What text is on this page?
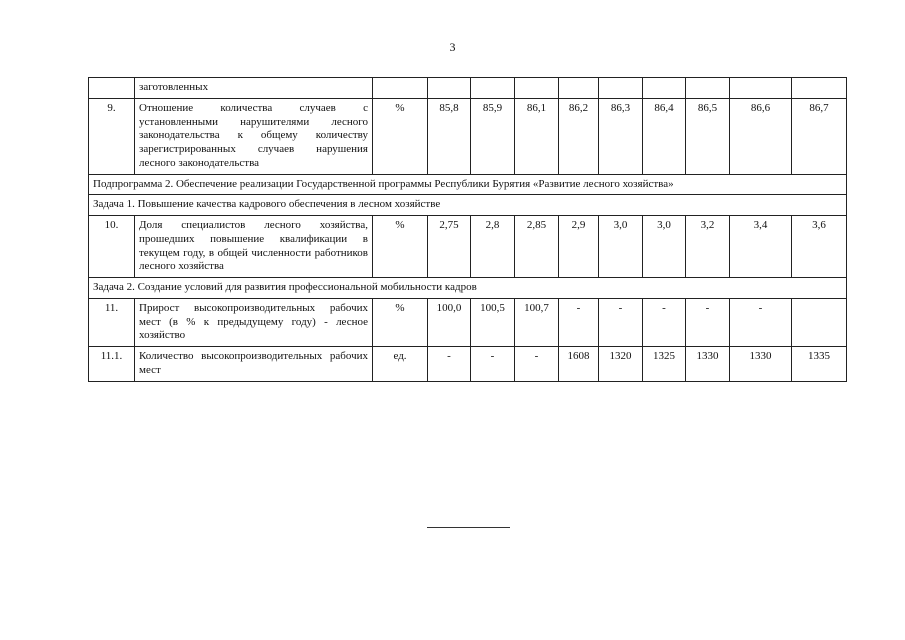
3
	заготовленных										
9.	Отношение количества случаев с установленными нарушителями лесного законодательства к общему количеству зарегистрированных случаев нарушения лесного законодательства	%	85,8	85,9	86,1	86,2	86,3	86,4	86,5	86,6	86,7
Подпрограмма 2. Обеспечение реализации Государственной программы Республики Бурятия «Развитие лесного хозяйства»											
Задача 1. Повышение качества кадрового обеспечения в лесном хозяйстве											
10.	Доля специалистов лесного хозяйства, прошедших повышение квалификации в текущем году, в общей численности работников лесного хозяйства	%	2,75	2,8	2,85	2,9	3,0	3,0	3,2	3,4	3,6
Задача 2. Создание условий для развития профессиональной мобильности кадров											
11.	Прирост высокопроизводительных рабочих мест (в % к предыдущему году) - лесное хозяйство	%	100,0	100,5	100,7	-	-	-	-	-	
11.1.	Количество высокопроизводительных рабочих мест	ед.	-	-	-	1608	1320	1325	1330	1330	1335
